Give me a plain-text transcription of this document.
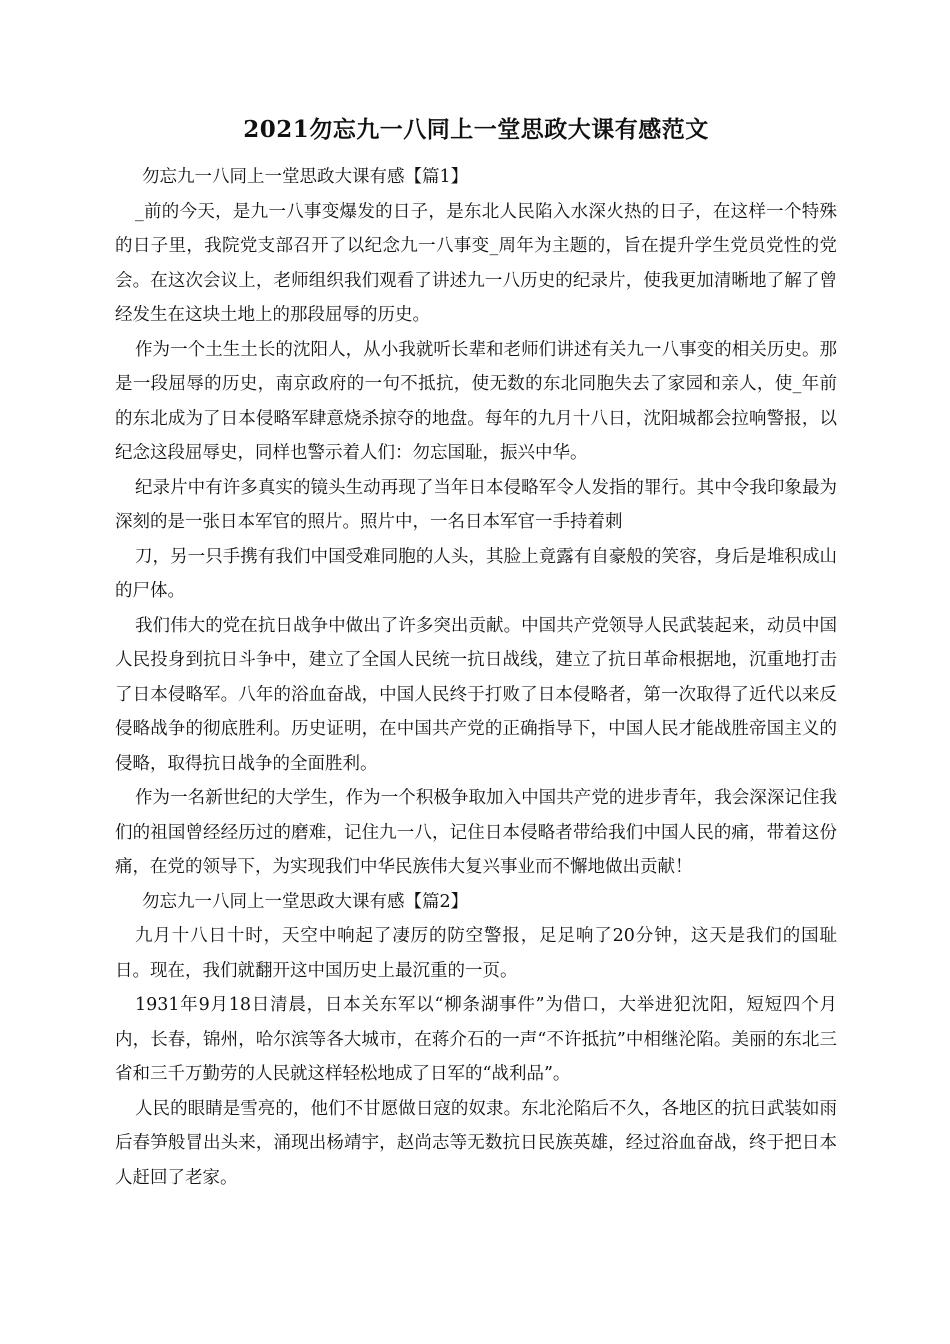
2021勿忘九一八同上一堂思政大课有感范文

勿忘九一八同上一堂思政大课有感【篇1】

_前的今天，是九一八事变爆发的日子，是东北人民陷入水深火热的日子，在这样一个特殊的日子里，我院党支部召开了以纪念九一八事变_周年为主题的，旨在提升学生党员党性的党会。在这次会议上，老师组织我们观看了讲述九一八历史的纪录片，使我更加清晰地了解了曾经发生在这块土地上的那段屈辱的历史。

作为一个土生土长的沈阳人，从小我就听长辈和老师们讲述有关九一八事变的相关历史。那是一段屈辱的历史，南京政府的一句不抵抗，使无数的东北同胞失去了家园和亲人，使_年前的东北成为了日本侵略军肆意烧杀掠夺的地盘。每年的九月十八日，沈阳城都会拉响警报，以纪念这段屈辱史，同样也警示着人们：勿忘国耻，振兴中华。

纪录片中有许多真实的镜头生动再现了当年日本侵略军令人发指的罪行。其中令我印象最为深刻的是一张日本军官的照片。照片中，一名日本军官一手持着刺

刀，另一只手携有我们中国受难同胞的人头，其脸上竟露有自豪般的笑容，身后是堆积成山的尸体。

我们伟大的党在抗日战争中做出了许多突出贡献。中国共产党领导人民武装起来，动员中国人民投身到抗日斗争中，建立了全国人民统一抗日战线，建立了抗日革命根据地，沉重地打击了日本侵略军。八年的浴血奋战，中国人民终于打败了日本侵略者，第一次取得了近代以来反侵略战争的彻底胜利。历史证明，在中国共产党的正确指导下，中国人民才能战胜帝国主义的侵略，取得抗日战争的全面胜利。

作为一名新世纪的大学生，作为一个积极争取加入中国共产党的进步青年，我会深深记住我们的祖国曾经经历过的磨难，记住九一八，记住日本侵略者带给我们中国人民的痛，带着这份痛，在党的领导下，为实现我们中华民族伟大复兴事业而不懈地做出贡献！

勿忘九一八同上一堂思政大课有感【篇2】

九月十八日十时，天空中响起了凄厉的防空警报，足足响了20分钟，这天是我们的国耻日。现在，我们就翻开这中国历史上最沉重的一页。

1931年9月18日清晨，日本关东军以“柳条湖事件”为借口，大举进犯沈阳，短短四个月内，长春，锦州，哈尔滨等各大城市，在蒋介石的一声“不许抵抗”中相继沦陷。美丽的东北三省和三千万勤劳的人民就这样轻松地成了日军的“战利品”。

人民的眼睛是雪亮的，他们不甘愿做日寇的奴隶。东北沦陷后不久，各地区的抗日武装如雨后春笋般冒出头来，涌现出杨靖宇，赵尚志等无数抗日民族英雄，经过浴血奋战，终于把日本人赶回了老家。
